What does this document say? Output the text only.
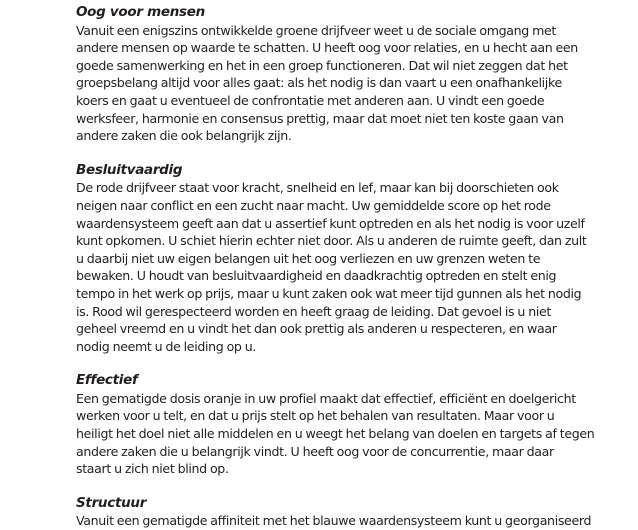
Oog voor mensen

Vanuit een enigszins ontwikkelde groene drijfveer weet u de sociale omgang met
andere mensen op waarde te schatten. U heeft oog voor relaties, en u hecht aan een
goede samenwerking en het in een groep functioneren. Dat wil niet zeggen dat het
groepsbelang altijd voor alles gaat: als het nodig is dan vaart u een onafhankelijke
koers en gaat u eventueel de confrontatie met anderen aan. U vindt een goede
werksfeer, harmonie en consensus prettig, maar dat moet niet ten koste gaan van
andere zaken die ook belangrijk zijn.

Besluitvaardig

De rode drijfveer staat voor kracht, snelheid en lef, maar kan bij doorschieten ook
neigen naar conflict en een zucht naar macht. Uw gemiddelde score op het rode
waardensysteem geeft aan dat u assertief kunt optreden en als het nodig is voor uzelf
kunt opkomen. U schiet hierin echter niet door. Als u anderen de ruimte geeft, dan zult
u daarbij niet uw eigen belangen uit het oog verliezen en uw grenzen weten te
bewaken. U houdt van besluitvaardigheid en daadkrachtig optreden en stelt enig
tempo in het werk op prijs, maar u kunt zaken ook wat meer tijd gunnen als het nodig
is. Rood wil gerespecteerd worden en heeft graag de leiding. Dat gevoel is u niet
geheel vreemd en u vindt het dan ook prettig als anderen u respecteren, en waar
nodig neemt u de leiding op u.

Effectief

Een gematigde dosis oranje in uw profiel maakt dat effectief, efficiënt en doelgericht
werken voor u telt, en dat u prijs stelt op het behalen van resultaten. Maar voor u
heiligt het doel niet alle middelen en u weegt het belang van doelen en targets af tegen
andere zaken die u belangrijk vindt. U heeft oog voor de concurrentie, maar daar
staart u zich niet blind op.

Structuur

Vanuit een gematigde affiniteit met het blauwe waardensysteem kunt u georganiseerd
